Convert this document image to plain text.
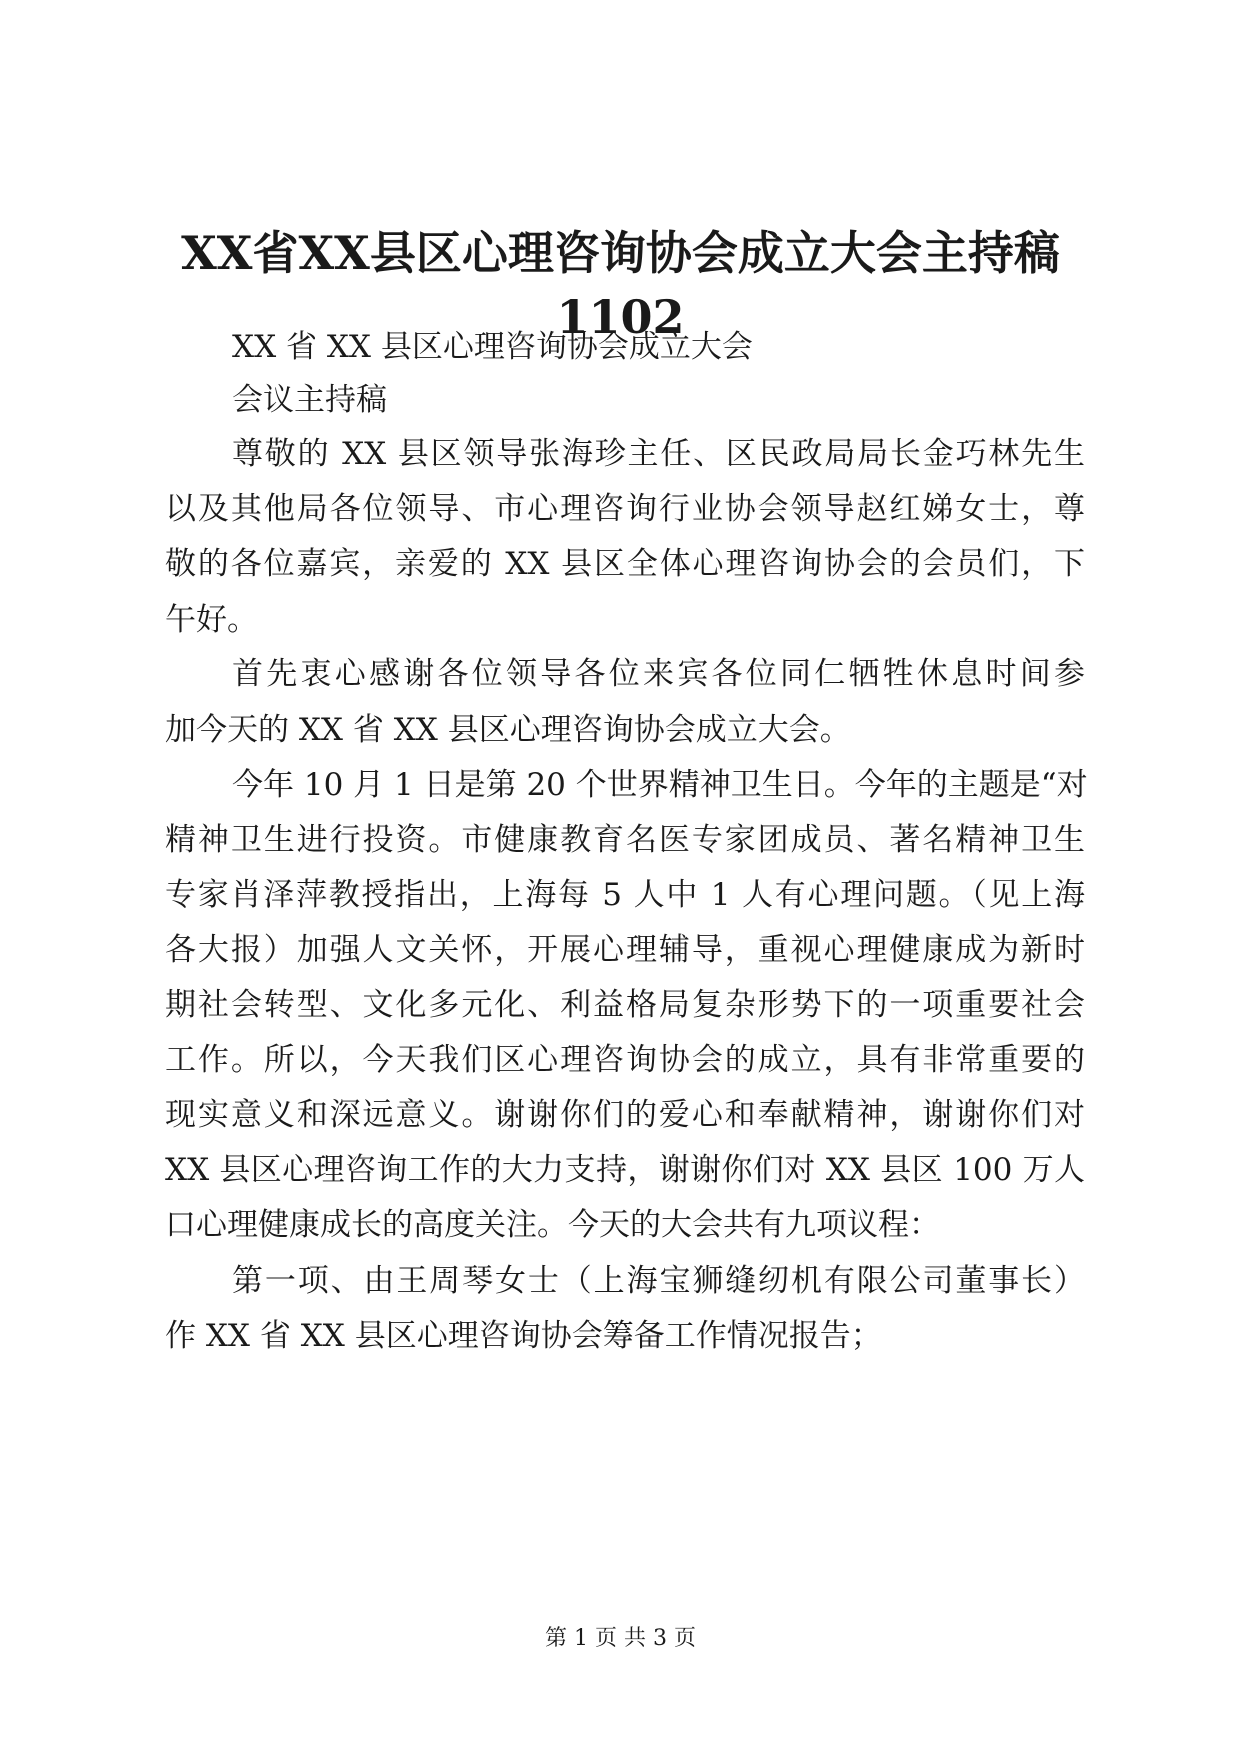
XX省XX县区心理咨询协会成立大会主持稿
1102

XX 省 XX 县区心理咨询协会成立大会

会议主持稿

尊敬的 XX 县区领导张海珍主任、区民政局局长金巧林先生

以及其他局各位领导、市心理咨询行业协会领导赵红娣女士，尊

敬的各位嘉宾，亲爱的 XX 县区全体心理咨询协会的会员们，下

午好。

首先衷心感谢各位领导各位来宾各位同仁牺牲休息时间参

加今天的 XX 省 XX 县区心理咨询协会成立大会。

今年 10 月 1 日是第 20 个世界精神卫生日。今年的主题是“对

精神卫生进行投资。市健康教育名医专家团成员、著名精神卫生

专家肖泽萍教授指出，上海每 5 人中 1 人有心理问题。（见上海

各大报）加强人文关怀，开展心理辅导，重视心理健康成为新时

期社会转型、文化多元化、利益格局复杂形势下的一项重要社会

工作。所以，今天我们区心理咨询协会的成立，具有非常重要的

现实意义和深远意义。谢谢你们的爱心和奉献精神，谢谢你们对

XX 县区心理咨询工作的大力支持，谢谢你们对 XX 县区 100 万人

口心理健康成长的高度关注。今天的大会共有九项议程：

第一项、由王周琴女士（上海宝狮缝纫机有限公司董事长）

作 XX 省 XX 县区心理咨询协会筹备工作情况报告；

第 1 页 共 3 页
